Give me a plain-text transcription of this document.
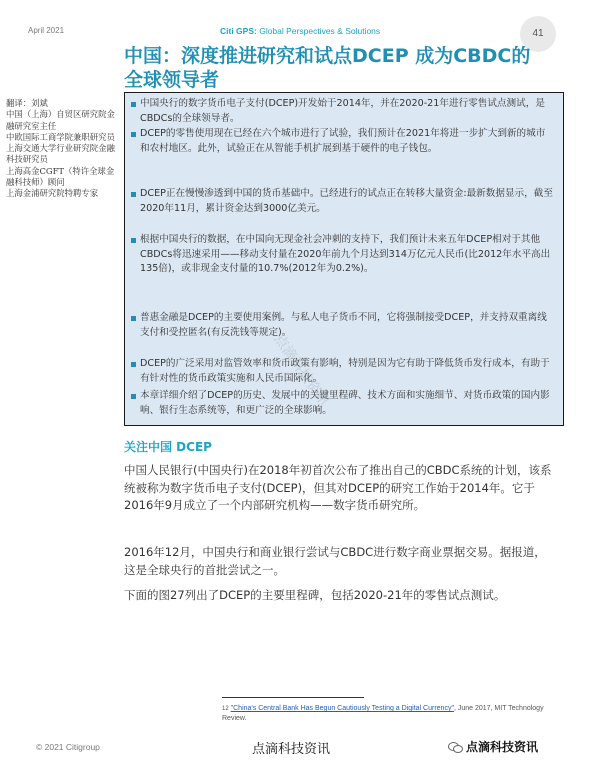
April 2021	Citi GPS: Global Perspectives & Solutions	41
中国：深度推进研究和试点DCEP 成为CBDC的全球领导者
翻译：刘斌
中国（上海）自贸区研究院金融研究室主任
中欧国际工商学院兼职研究员
上海交通大学行业研究院金融科技研究员
上海高金CGFT（特许全球金融科技师）顾问
上海金浦研究院特聘专家
中国央行的数字货币电子支付(DCEP)开发始于2014年，并在2020-21年进行零售试点测试，是CBDCs的全球领导者。
DCEP的零售使用现在已经在六个城市进行了试验，我们预计在2021年将进一步扩大到新的城市和农村地区。此外，试验正在从智能手机扩展到基于硬件的电子钱包。
DCEP正在慢慢渗透到中国的货币基础中。已经进行的试点正在转移大量资金:最新数据显示，截至2020年11月，累计资金达到3000亿美元。
根据中国央行的数据，在中国向无现金社会冲刺的支持下，我们预计未来五年DCEP相对于其他CBDCs将迅速采用——移动支付量在2020年前九个月达到314万亿元人民币(比2012年水平高出135倍)，或非现金支付量的10.7%(2012年为0.2%)。
普惠金融是DCEP的主要使用案例。与私人电子货币不同，它将强制接受DCEP，并支持双重离线支付和受控匿名(有反洗钱等规定)。
DCEP的广泛采用对监管效率和货币政策有影响，特别是因为它有助于降低货币发行成本，有助于有针对性的货币政策实施和人民币国际化。
本章详细介绍了DCEP的历史、发展中的关键里程碑、技术方面和实施细节、对货币政策的国内影响、银行生态系统等，和更广泛的全球影响。
关注中国 DCEP
中国人民银行(中国央行)在2018年初首次公布了推出自己的CBDC系统的计划，该系统被称为数字货币电子支付(DCEP)，但其对DCEP的研究工作始于2014年。它于2016年9月成立了一个内部研究机构——数字货币研究所。
2016年12月，中国央行和商业银行尝试与CBDC进行数字商业票据交易。据报道，这是全球央行的首批尝试之一。
下面的图27列出了DCEP的主要里程碑，包括2020-21年的零售试点测试。
12 "China's Central Bank Has Begun Cautiously Testing a Digital Currency", June 2017, MIT Technology Review.
点滴科技资讯
© 2021 Citigroup	点滴科技资讯	点滴科技资讯
